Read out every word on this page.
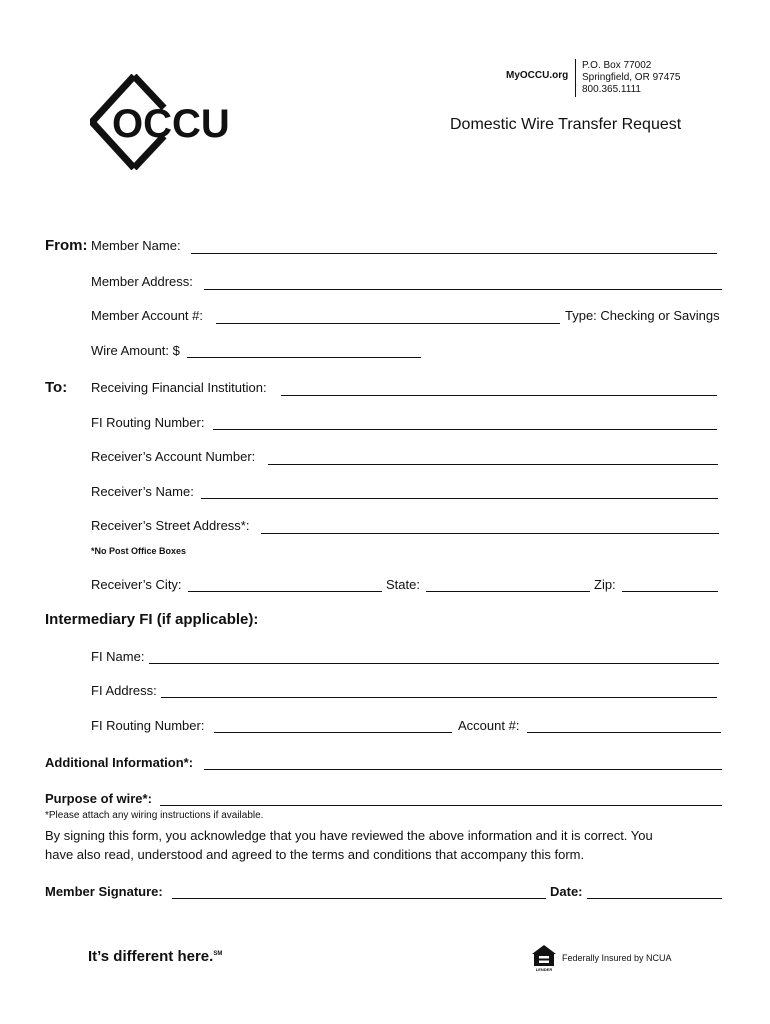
MyOCCU.org
P.O. Box 77002
Springfield, OR 97475
800.365.1111
OCCU	Domestic Wire Transfer Request
From: Member Name:
Member Address:
Member Account #:	Type: Checking or Savings
Wire Amount: $
To: Receiving Financial Institution:
FI Routing Number:
Receiver’s Account Number:
Receiver’s Name:
Receiver’s Street Address*:
*No Post Office Boxes
Receiver’s City:	State:	Zip:
Intermediary FI (if applicable):
FI Name:
FI Address:
FI Routing Number:	Account #:
Additional Information*:
Purpose of wire*:
*Please attach any wiring instructions if available.
By signing this form, you acknowledge that you have reviewed the above information and it is correct. You
have also read, understood and agreed to the terms and conditions that accompany this form.
Member Signature:	Date:
It’s different here.℠
LENDER
Federally Insured by NCUA
